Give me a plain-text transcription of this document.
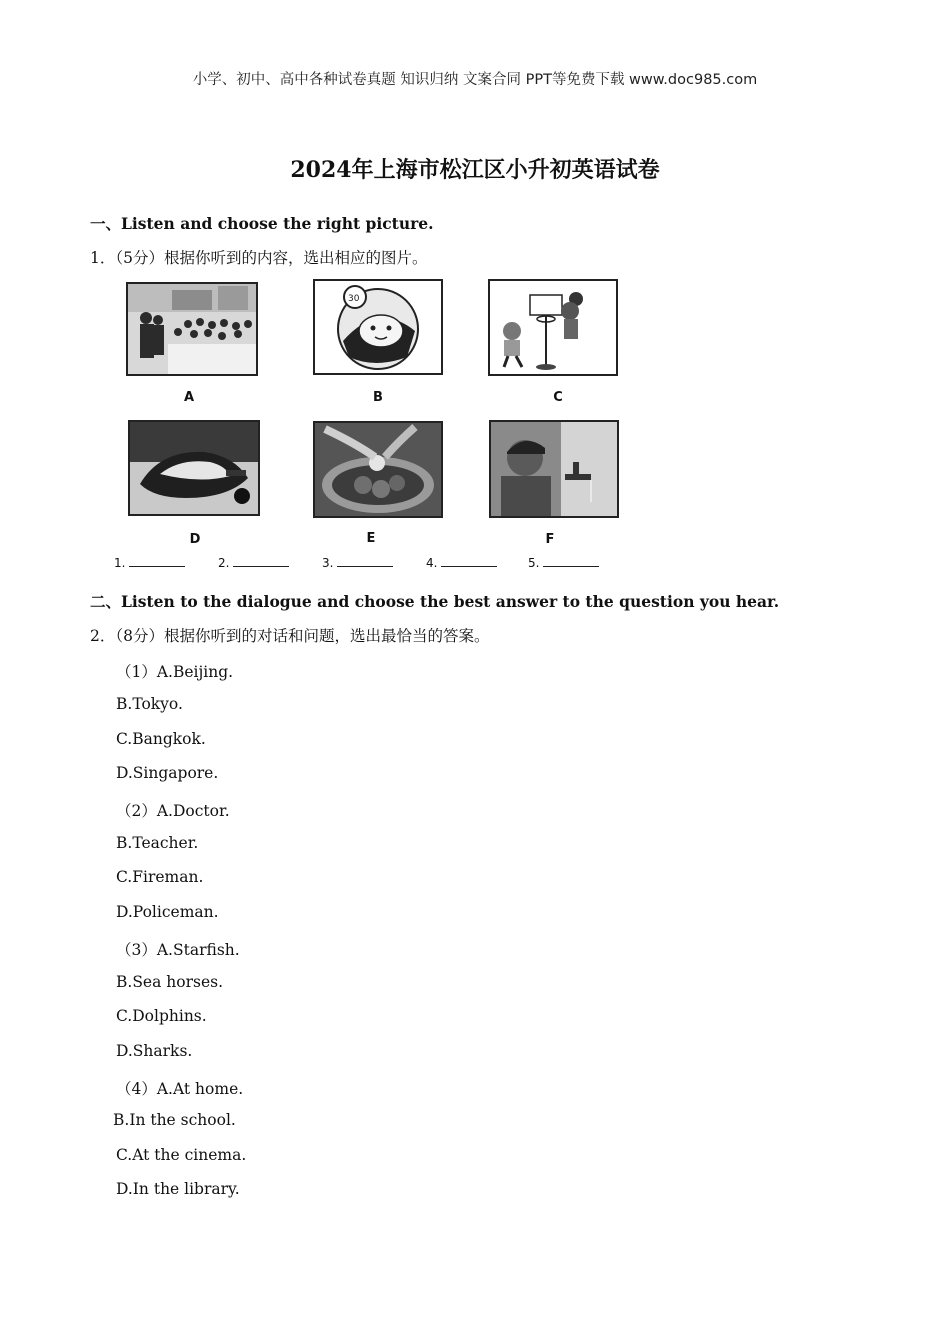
小学、初中、高中各种试卷真题 知识归纳 文案合同 PPT等免费下载 www.doc985.com
2024年上海市松江区小升初英语试卷
一、Listen and choose the right picture.
1．（5分）根据你听到的内容，选出相应的图片。
A
30
B	C
D	E	F
1.	2.	3.	4.	5.
二、Listen to the dialogue and choose the best answer to the question you hear.
2．（8分）根据你听到的对话和问题，选出最恰当的答案。
（1）A.Beijing.
B.Tokyo.
C.Bangkok.
D.Singapore.
（2）A.Doctor.
B.Teacher.
C.Fireman.
D.Policeman.
（3）A.Starfish.
B.Sea horses.
C.Dolphins.
D.Sharks.
（4）A.At home.
B.In the school.
C.At the cinema.
D.In the library.
